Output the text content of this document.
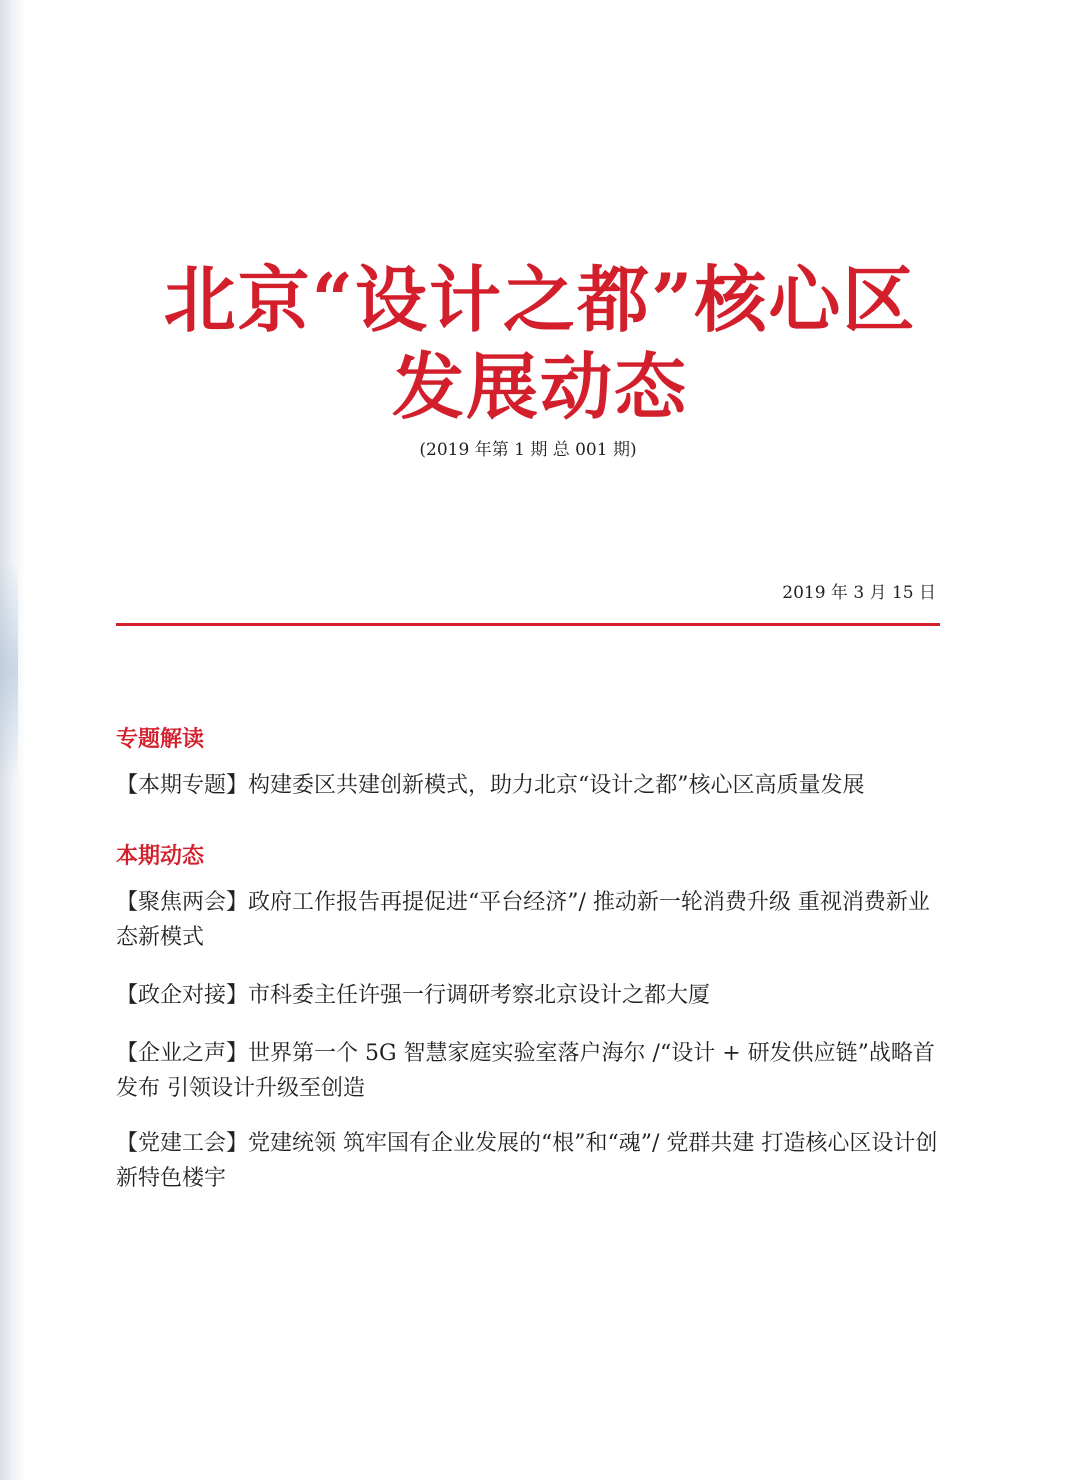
北京“设计之都”核心区
发展动态
(2019 年第 1 期 总 001 期)
2019 年 3 月 15 日
专题解读

【本期专题】构建委区共建创新模式，助力北京“设计之都”核心区高质量发展

本期动态

【聚焦两会】政府工作报告再提促进“平台经济”/ 推动新一轮消费升级 重视消费新业态新模式

【政企对接】市科委主任许强一行调研考察北京设计之都大厦

【企业之声】世界第一个 5G 智慧家庭实验室落户海尔 /“设计 + 研发供应链”战略首发布 引领设计升级至创造

【党建工会】党建统领 筑牢国有企业发展的“根”和“魂”/ 党群共建 打造核心区设计创新特色楼宇
